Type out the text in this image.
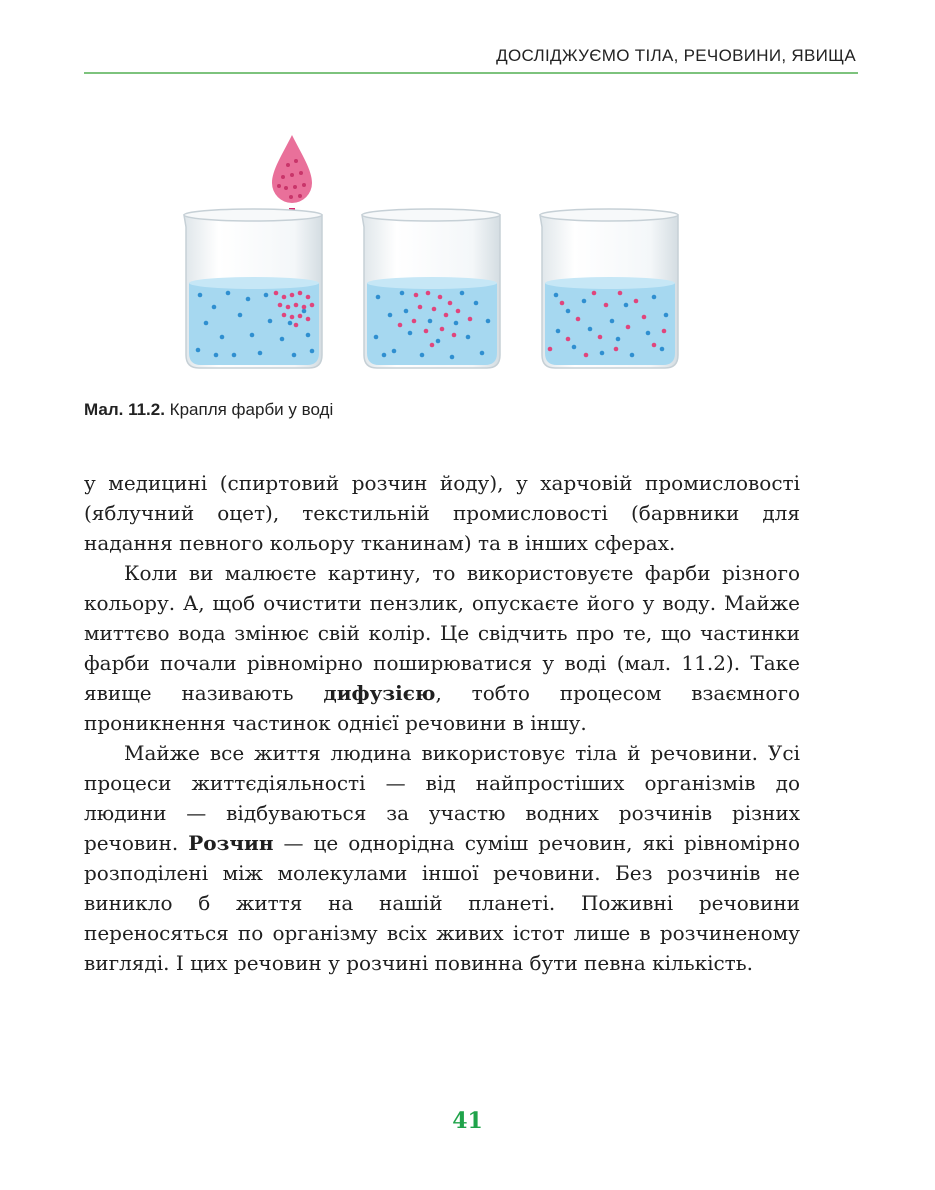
ДОСЛІДЖУЄМО ТІЛА, РЕЧОВИНИ, ЯВИЩА
Мал. 11.2. Крапля фарби у воді

у медицині (спиртовий розчин йоду), у харчовій промисловості (яблучний оцет), текстильній промисловості (барвники для надання певного кольору тканинам) та в інших сферах.

Коли ви малюєте картину, то використовуєте фарби різного кольору. А, щоб очистити пензлик, опускаєте його у воду. Майже миттєво вода змінює свій колір. Це свідчить про те, що частинки фарби почали рівномірно поширюватися у воді (мал. 11.2). Таке явище називають дифузією, тобто процесом взаємного проникнення частинок однієї речовини в іншу.

Майже все життя людина використовує тіла й речовини. Усі процеси життєдіяльності — від найпростіших організмів до людини — відбуваються за участю водних розчинів різних речовин. Розчин — це однорідна суміш речовин, які рівномірно розподілені між молекулами іншої речовини. Без розчинів не виникло б життя на нашій планеті. Поживні речовини переносяться по організму всіх живих істот лише в розчиненому вигляді. І цих речовин у розчині повинна бути певна кількість.

41
